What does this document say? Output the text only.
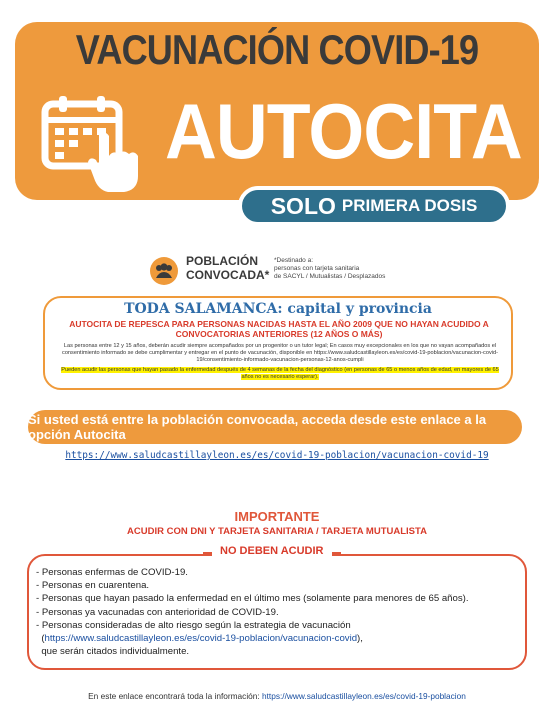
VACUNACIÓN COVID-19
AUTOCITA
SOLO PRIMERA DOSIS
POBLACIÓN
CONVOCADA*
*Destinado a:
personas con tarjeta sanitaria
de SACYL / Mutualistas / Desplazados
TODA SALAMANCA: capital y provincia
AUTOCITA DE REPESCA PARA PERSONAS NACIDAS HASTA EL AÑO 2009 QUE NO HAYAN ACUDIDO A CONVOCATORIAS ANTERIORES (12 AÑOS O MÁS)
Las personas entre 12 y 15 años, deberán acudir siempre acompañados por un progenitor o un tutor legal; En casos muy excepcionales en los que no vayan acompañados el consentimiento informado se debe cumplimentar y entregar en el punto de vacunación, disponible en https://www.saludcastillayleon.es/es/covid-19-poblacion/vacunacion-covid-19/consentimiento-informado-vacunacion-personas-12-anos-cumpli
Pueden acudir las personas que hayan pasado la enfermedad después de 4 semanas de la fecha del diagnóstico (en personas de 65 o menos años de edad, en mayores de 65 años no es necesario esperar).
Si usted está entre la población convocada, acceda desde este enlace a la opción Autocita
https://www.saludcastillayleon.es/es/covid-19-poblacion/vacunacion-covid-19
IMPORTANTE
ACUDIR CON DNI Y TARJETA SANITARIA / TARJETA MUTUALISTA
NO DEBEN ACUDIR

- Personas enfermas de COVID-19.

- Personas en cuarentena.

- Personas que hayan pasado la enfermedad en el último mes (solamente para menores de 65 años).

- Personas ya vacunadas con anterioridad de COVID-19.

- Personas consideradas de alto riesgo según la estrategia de vacunación

(https://www.saludcastillayleon.es/es/covid-19-poblacion/vacunacion-covid),

que serán citados individualmente.

En este enlace encontrará toda la información: https://www.saludcastillayleon.es/es/covid-19-poblacion
